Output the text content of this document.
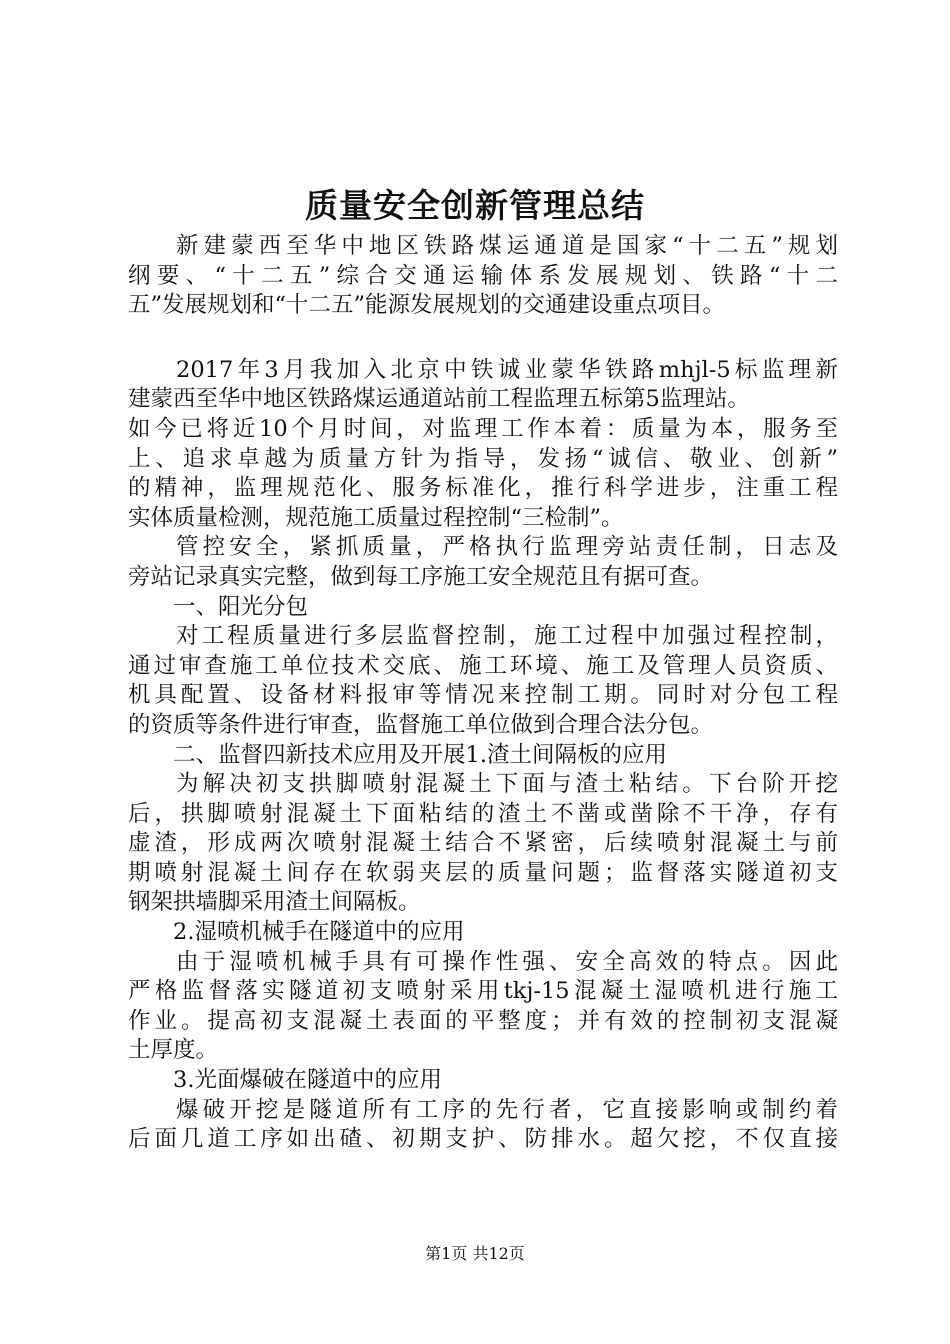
质量安全创新管理总结
新建蒙西至华中地区铁路煤运通道是国家“十二五”规划
纲要、“十二五”综合交通运输体系发展规划、铁路“十二
五”发展规划和“十二五”能源发展规划的交通建设重点项目。
2017年3月我加入北京中铁诚业蒙华铁路mhjl-5标监理新
建蒙西至华中地区铁路煤运通道站前工程监理五标第5监理站。
如今已将近10个月时间，对监理工作本着：质量为本，服务至
上、追求卓越为质量方针为指导，发扬“诚信、敬业、创新”
的精神，监理规范化、服务标准化，推行科学进步，注重工程
实体质量检测，规范施工质量过程控制“三检制”。
管控安全，紧抓质量，严格执行监理旁站责任制，日志及
旁站记录真实完整，做到每工序施工安全规范且有据可查。
一、阳光分包
对工程质量进行多层监督控制，施工过程中加强过程控制，
通过审查施工单位技术交底、施工环境、施工及管理人员资质、
机具配置、设备材料报审等情况来控制工期。同时对分包工程
的资质等条件进行审查，监督施工单位做到合理合法分包。
二、监督四新技术应用及开展1.渣土间隔板的应用
为解决初支拱脚喷射混凝土下面与渣土粘结。下台阶开挖
后，拱脚喷射混凝土下面粘结的渣土不凿或凿除不干净，存有
虚渣，形成两次喷射混凝土结合不紧密，后续喷射混凝土与前
期喷射混凝土间存在软弱夹层的质量问题；监督落实隧道初支
钢架拱墙脚采用渣土间隔板。
2.湿喷机械手在隧道中的应用
由于湿喷机械手具有可操作性强、安全高效的特点。因此
严格监督落实隧道初支喷射采用tkj-15混凝土湿喷机进行施工
作业。提高初支混凝土表面的平整度；并有效的控制初支混凝
土厚度。
3.光面爆破在隧道中的应用
爆破开挖是隧道所有工序的先行者，它直接影响或制约着
后面几道工序如出碴、初期支护、防排水。超欠挖，不仅直接
第1页 共12页
